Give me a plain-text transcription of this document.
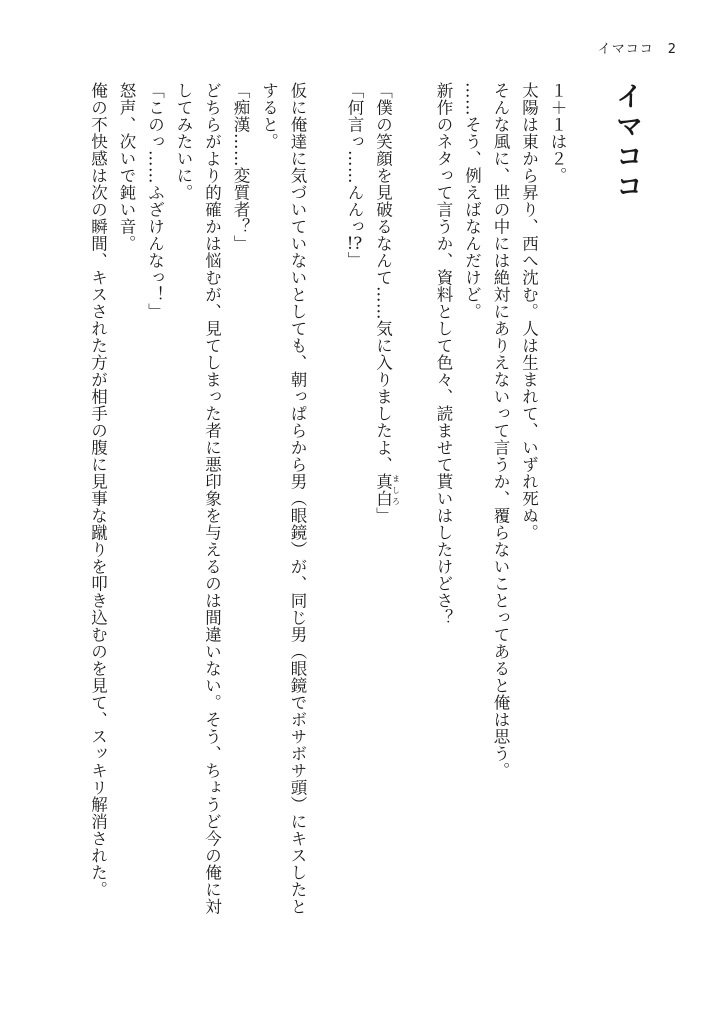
イマココ 2
イマココ
１＋１は２。
太陽は東から昇り、西へ沈む。人は生まれて、いずれ死ぬ。
そんな風に、世の中には絶対にありえないって言うか、覆らないことってあると俺は思う。
……そう、例えばなんだけど。
新作のネタって言うか、資料として色々、読ませて貰いはしたけどさ？
「僕の笑顔を見破るなんて……気に入りましたよ、真白 ましろ」
「何言っ……んんっ!?」
仮に俺達に気づいていないとしても、朝っぱらから男（眼鏡）が、同じ男（眼鏡でボサボサ頭）にキスしたと
すると。
「痴漢……変質者？」
どちらがより的確かは悩むが、見てしまった者に悪印象を与えるのは間違いない。そう、ちょうど今の俺に対
してみたいに。
「このっ……ふざけんなっ！」
怒声、次いで鈍い音。
俺の不快感は次の瞬間、キスされた方が相手の腹に見事な蹴りを叩き込むのを見て、スッキリ解消された。
